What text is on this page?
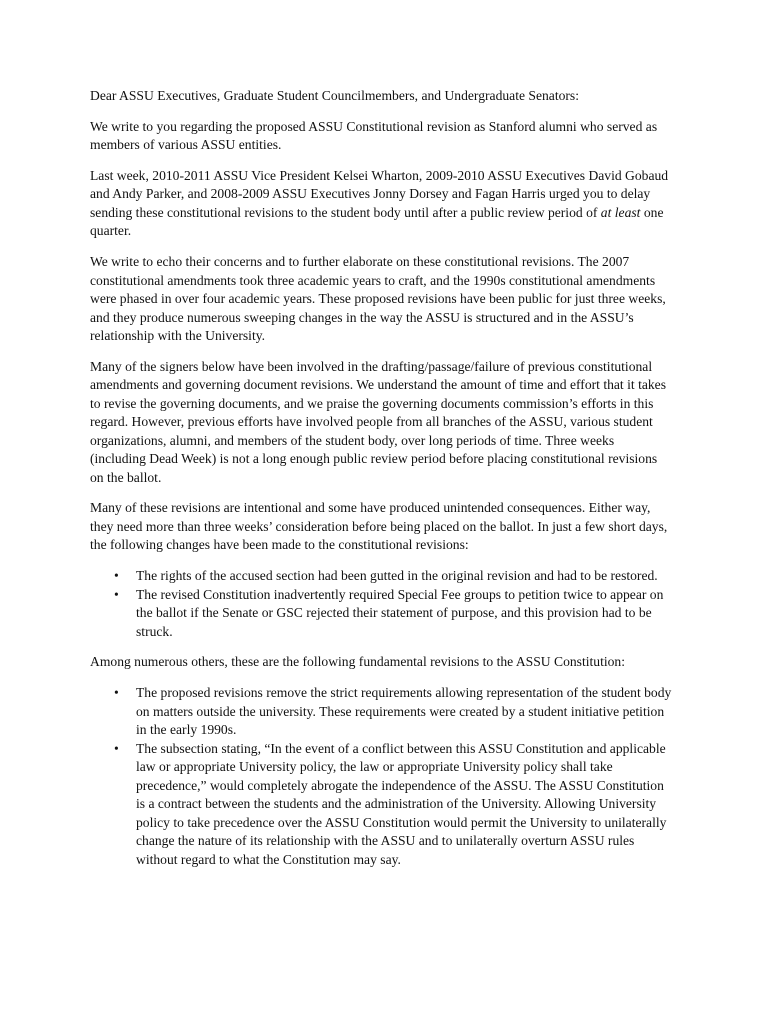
Dear ASSU Executives, Graduate Student Councilmembers, and Undergraduate Senators:

We write to you regarding the proposed ASSU Constitutional revision as Stanford alumni who served as members of various ASSU entities.

Last week, 2010-2011 ASSU Vice President Kelsei Wharton, 2009-2010 ASSU Executives David Gobaud and Andy Parker, and 2008-2009 ASSU Executives Jonny Dorsey and Fagan Harris urged you to delay sending these constitutional revisions to the student body until after a public review period of at least one quarter.

We write to echo their concerns and to further elaborate on these constitutional revisions. The 2007 constitutional amendments took three academic years to craft, and the 1990s constitutional amendments were phased in over four academic years. These proposed revisions have been public for just three weeks, and they produce numerous sweeping changes in the way the ASSU is structured and in the ASSU’s relationship with the University.

Many of the signers below have been involved in the drafting/passage/failure of previous constitutional amendments and governing document revisions. We understand the amount of time and effort that it takes to revise the governing documents, and we praise the governing documents commission’s efforts in this regard. However, previous efforts have involved people from all branches of the ASSU, various student organizations, alumni, and members of the student body, over long periods of time. Three weeks (including Dead Week) is not a long enough public review period before placing constitutional revisions on the ballot.

Many of these revisions are intentional and some have produced unintended consequences. Either way, they need more than three weeks’ consideration before being placed on the ballot. In just a few short days, the following changes have been made to the constitutional revisions:

• The rights of the accused section had been gutted in the original revision and had to be restored.
• The revised Constitution inadvertently required Special Fee groups to petition twice to appear on the ballot if the Senate or GSC rejected their statement of purpose, and this provision had to be struck.

Among numerous others, these are the following fundamental revisions to the ASSU Constitution:

• The proposed revisions remove the strict requirements allowing representation of the student body on matters outside the university. These requirements were created by a student initiative petition in the early 1990s.
• The subsection stating, “In the event of a conflict between this ASSU Constitution and applicable law or appropriate University policy, the law or appropriate University policy shall take precedence,” would completely abrogate the independence of the ASSU. The ASSU Constitution is a contract between the students and the administration of the University. Allowing University policy to take precedence over the ASSU Constitution would permit the University to unilaterally change the nature of its relationship with the ASSU and to unilaterally overturn ASSU rules without regard to what the Constitution may say.
